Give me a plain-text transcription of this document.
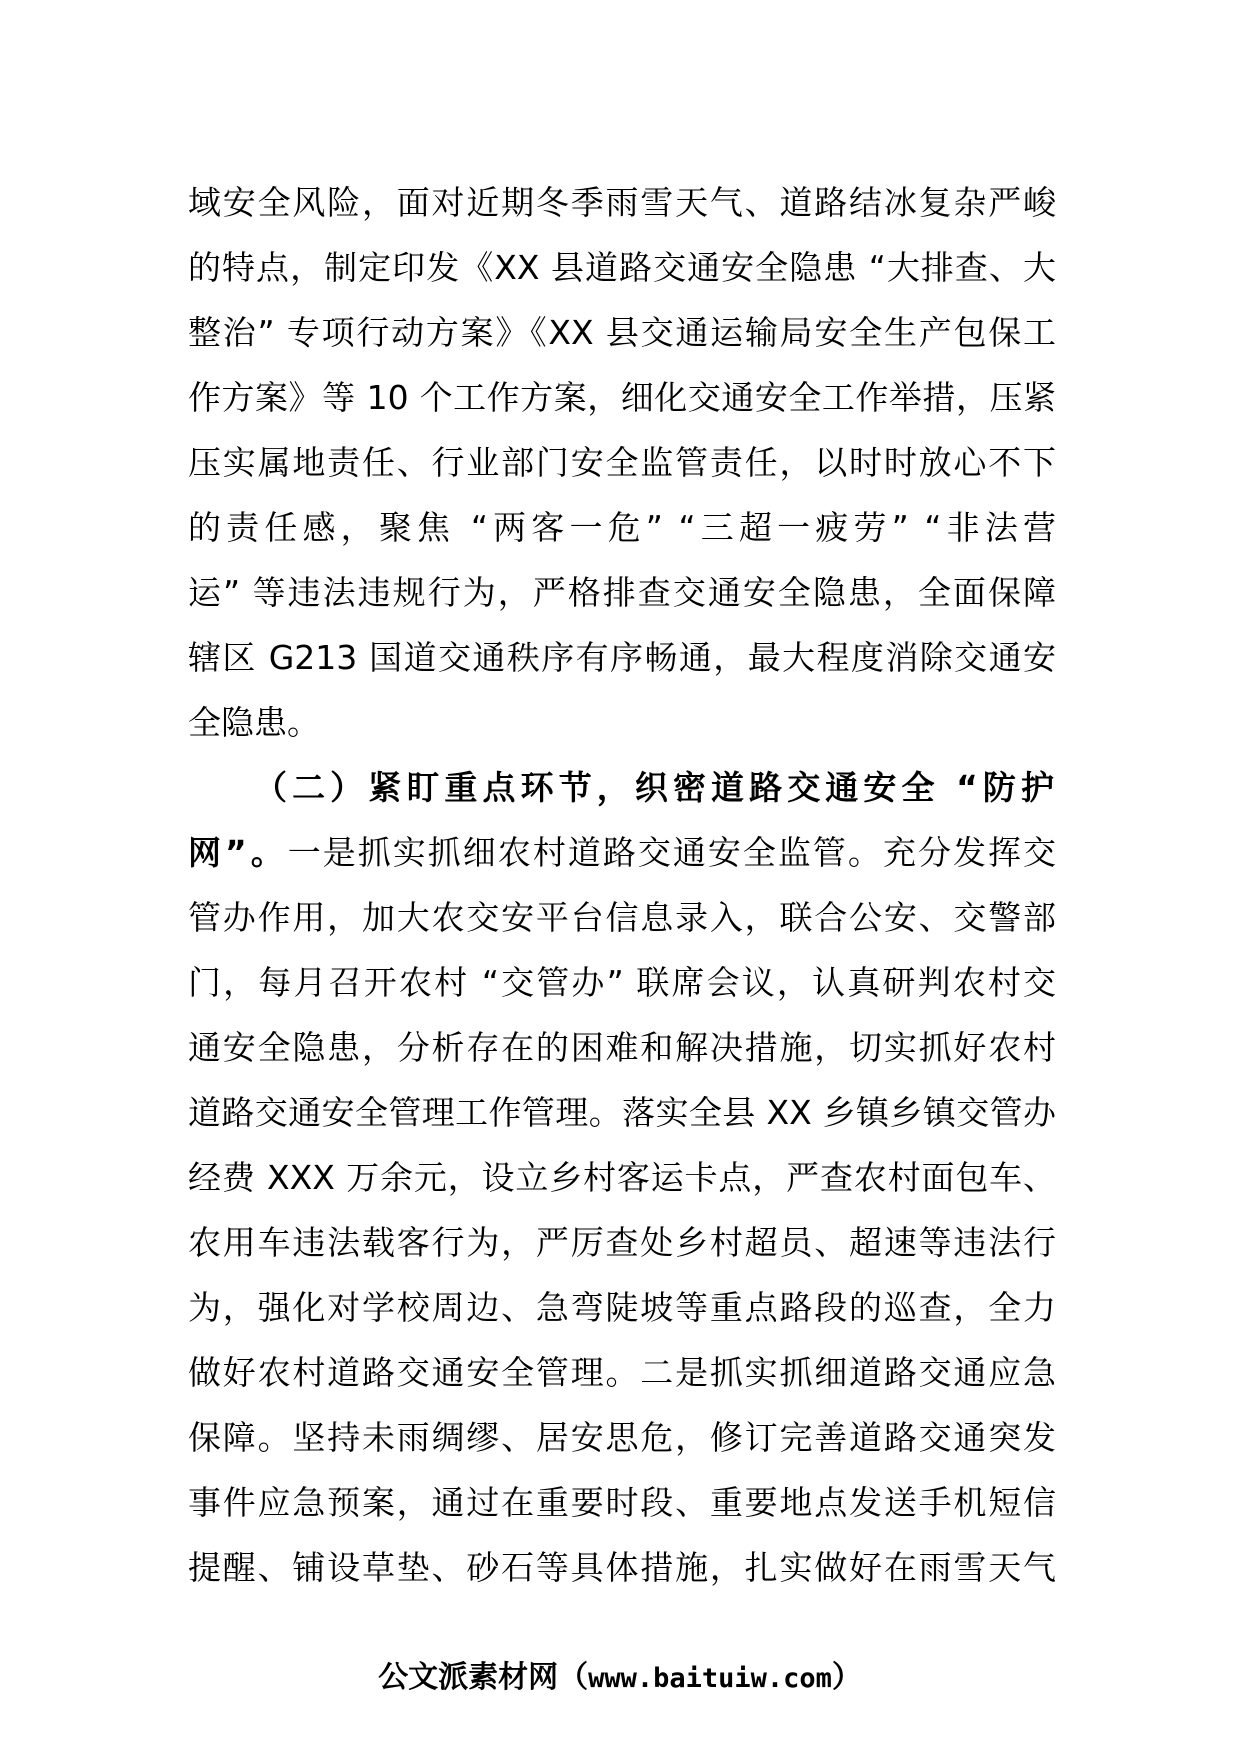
域安全风险，面对近期冬季雨雪天气、道路结冰复杂严峻
的特点，制定印发《XX 县道路交通安全隐患 “大排查、大
整治” 专项行动方案》《XX 县交通运输局安全生产包保工
作方案》等 10 个工作方案，细化交通安全工作举措，压紧
压实属地责任、行业部门安全监管责任，以时时放心不下
的责任感，聚焦 “两客一危” “三超一疲劳” “非法营
运” 等违法违规行为，严格排查交通安全隐患，全面保障
辖区 G213 国道交通秩序有序畅通，最大程度消除交通安
全隐患。
（二）紧盯重点环节，织密道路交通安全 “防护
网”。一是抓实抓细农村道路交通安全监管。充分发挥交
管办作用，加大农交安平台信息录入，联合公安、交警部
门，每月召开农村 “交管办” 联席会议，认真研判农村交
通安全隐患，分析存在的困难和解决措施，切实抓好农村
道路交通安全管理工作管理。落实全县 XX 乡镇乡镇交管办
经费 XXX 万余元，设立乡村客运卡点，严查农村面包车、
农用车违法载客行为，严厉查处乡村超员、超速等违法行
为，强化对学校周边、急弯陡坡等重点路段的巡查，全力
做好农村道路交通安全管理。二是抓实抓细道路交通应急
保障。坚持未雨绸缪、居安思危，修订完善道路交通突发
事件应急预案，通过在重要时段、重要地点发送手机短信
提醒、铺设草垫、砂石等具体措施，扎实做好在雨雪天气
公文派素材网（www.baituiw.com）
